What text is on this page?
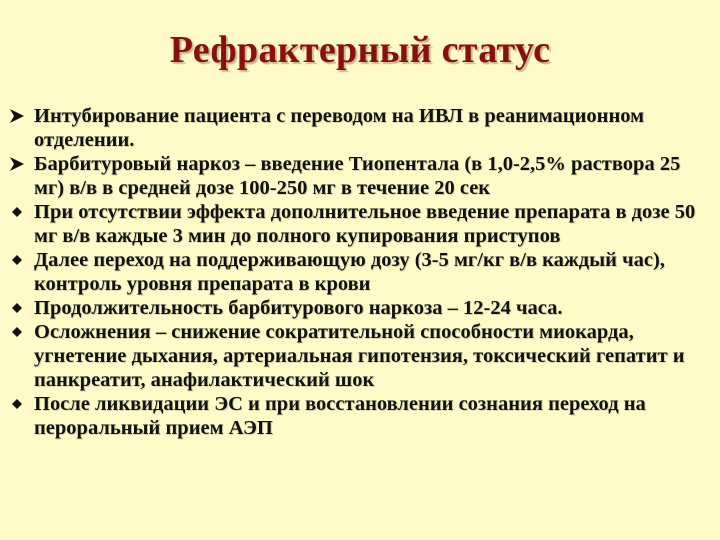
Рефрактерный статус
Интубирование пациента с переводом на ИВЛ в реанимационном отделении.
Барбитуровый наркоз – введение Тиопентала (в 1,0-2,5% раствора 25 мг) в/в в средней дозе 100-250 мг в течение 20 сек
При отсутствии эффекта дополнительное введение препарата в дозе 50 мг в/в каждые 3 мин до полного купирования приступов
Далее переход на поддерживающую дозу (3-5 мг/кг в/в каждый час), контроль уровня препарата в крови
Продолжительность барбитурового наркоза – 12-24 часа.
Осложнения – снижение сократительной способности миокарда, угнетение дыхания, артериальная гипотензия, токсический гепатит и панкреатит, анафилактический шок
После ликвидации ЭС и при восстановлении сознания переход на пероральный прием АЭП
